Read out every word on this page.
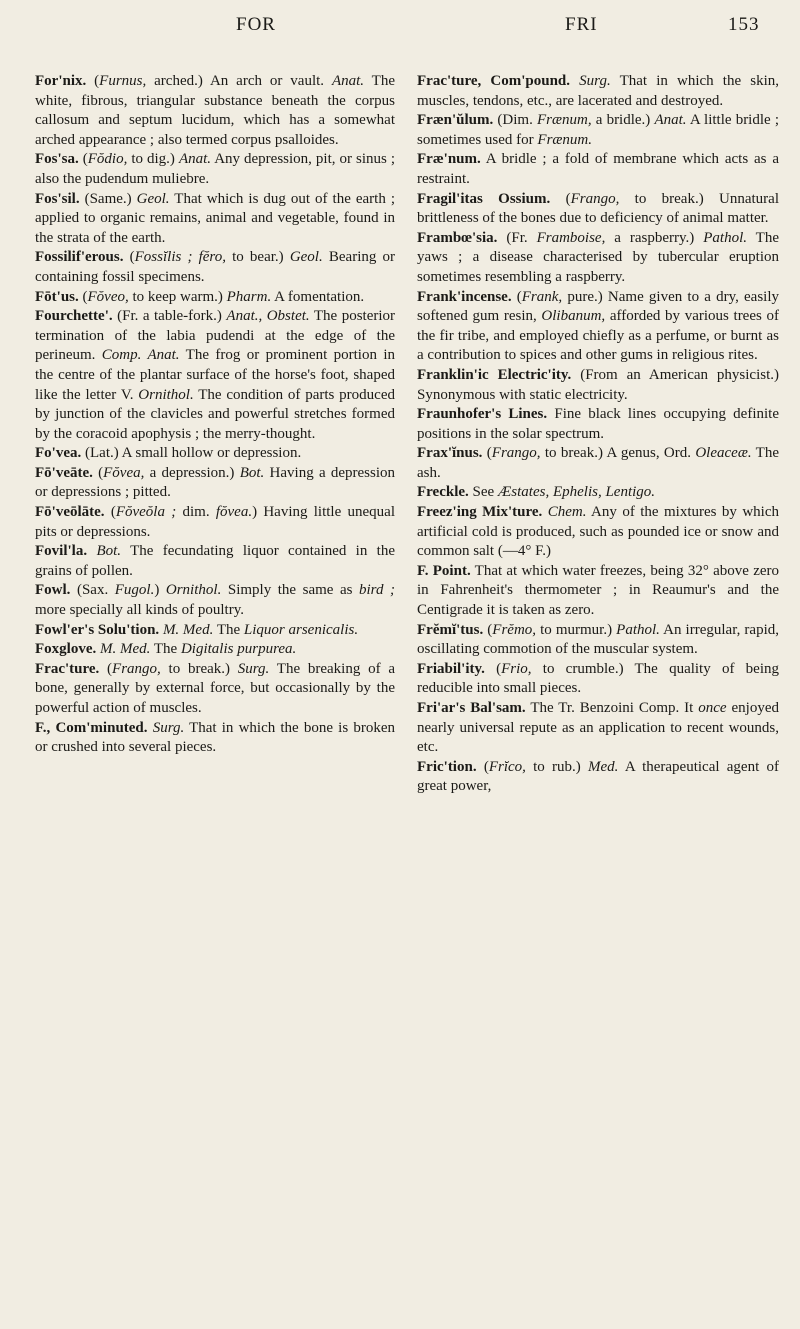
FOR	FRI	153

For'nix. (Furnus, arched.) An arch or vault. Anat. The white, fibrous, triangular substance beneath the corpus callosum and septum lucidum, which has a somewhat arched appearance ; also termed corpus psalloides.

Fos'sa. (Fŏdio, to dig.) Anat. Any depression, pit, or sinus ; also the pudendum muliebre.

Fos'sil. (Same.) Geol. That which is dug out of the earth ; applied to organic remains, animal and vegetable, found in the strata of the earth.

Fossilif'erous. (Fossĭlis ; fĕro, to bear.) Geol. Bearing or containing fossil specimens.

Fōt'us. (Fŏveo, to keep warm.) Pharm. A fomentation.

Fourchette'. (Fr. a table-fork.) Anat., Obstet. The posterior termination of the labia pudendi at the edge of the perineum. Comp. Anat. The frog or prominent portion in the centre of the plantar surface of the horse's foot, shaped like the letter V. Ornithol. The condition of parts produced by junction of the clavicles and powerful stretches formed by the coracoid apophysis ; the merry-thought.

Fo'vea. (Lat.) A small hollow or depression.

Fō'veāte. (Fŏvea, a depression.) Bot. Having a depression or depressions ; pitted.

Fō'veōlāte. (Fŏveŏla ; dim. fŏvea.) Having little unequal pits or depressions.

Fovil'la. Bot. The fecundating liquor contained in the grains of pollen.

Fowl. (Sax. Fugol.) Ornithol. Simply the same as bird ; more specially all kinds of poultry.

Fowl'er's Solu'tion. M. Med. The Liquor arsenicalis.

Foxglove. M. Med. The Digitalis purpurea.

Frac'ture. (Frango, to break.) Surg. The breaking of a bone, generally by external force, but occasionally by the powerful action of muscles.

F., Com'minuted. Surg. That in which the bone is broken or crushed into several pieces.

Frac'ture, Com'pound. Surg. That in which the skin, muscles, tendons, etc., are lacerated and destroyed.

Fræn'ŭlum. (Dim. Frænum, a bridle.) Anat. A little bridle ; sometimes used for Frænum.

Fræ'num. A bridle ; a fold of membrane which acts as a restraint.

Fragil'itas Ossium. (Frango, to break.) Unnatural brittleness of the bones due to deficiency of animal matter.

Frambœ'sia. (Fr. Framboise, a raspberry.) Pathol. The yaws ; a disease characterised by tubercular eruption sometimes resembling a raspberry.

Frank'incense. (Frank, pure.) Name given to a dry, easily softened gum resin, Olibanum, afforded by various trees of the fir tribe, and employed chiefly as a perfume, or burnt as a contribution to spices and other gums in religious rites.

Franklin'ic Electric'ity. (From an American physicist.) Synonymous with static electricity.

Fraunhofer's Lines. Fine black lines occupying definite positions in the solar spectrum.

Frax'ĭnus. (Frango, to break.) A genus, Ord. Oleaceæ. The ash.

Freckle. See Æstates, Ephelis, Lentigo.

Freez'ing Mix'ture. Chem. Any of the mixtures by which artificial cold is produced, such as pounded ice or snow and common salt (—4° F.)

F. Point. That at which water freezes, being 32° above zero in Fahrenheit's thermometer ; in Reaumur's and the Centigrade it is taken as zero.

Frĕmĭ'tus. (Frĕmo, to murmur.) Pathol. An irregular, rapid, oscillating commotion of the muscular system.

Friabil'ity. (Frio, to crumble.) The quality of being reducible into small pieces.

Fri'ar's Bal'sam. The Tr. Benzoini Comp. It once enjoyed nearly universal repute as an application to recent wounds, etc.

Fric'tion. (Frĭco, to rub.) Med. A therapeutical agent of great power,
